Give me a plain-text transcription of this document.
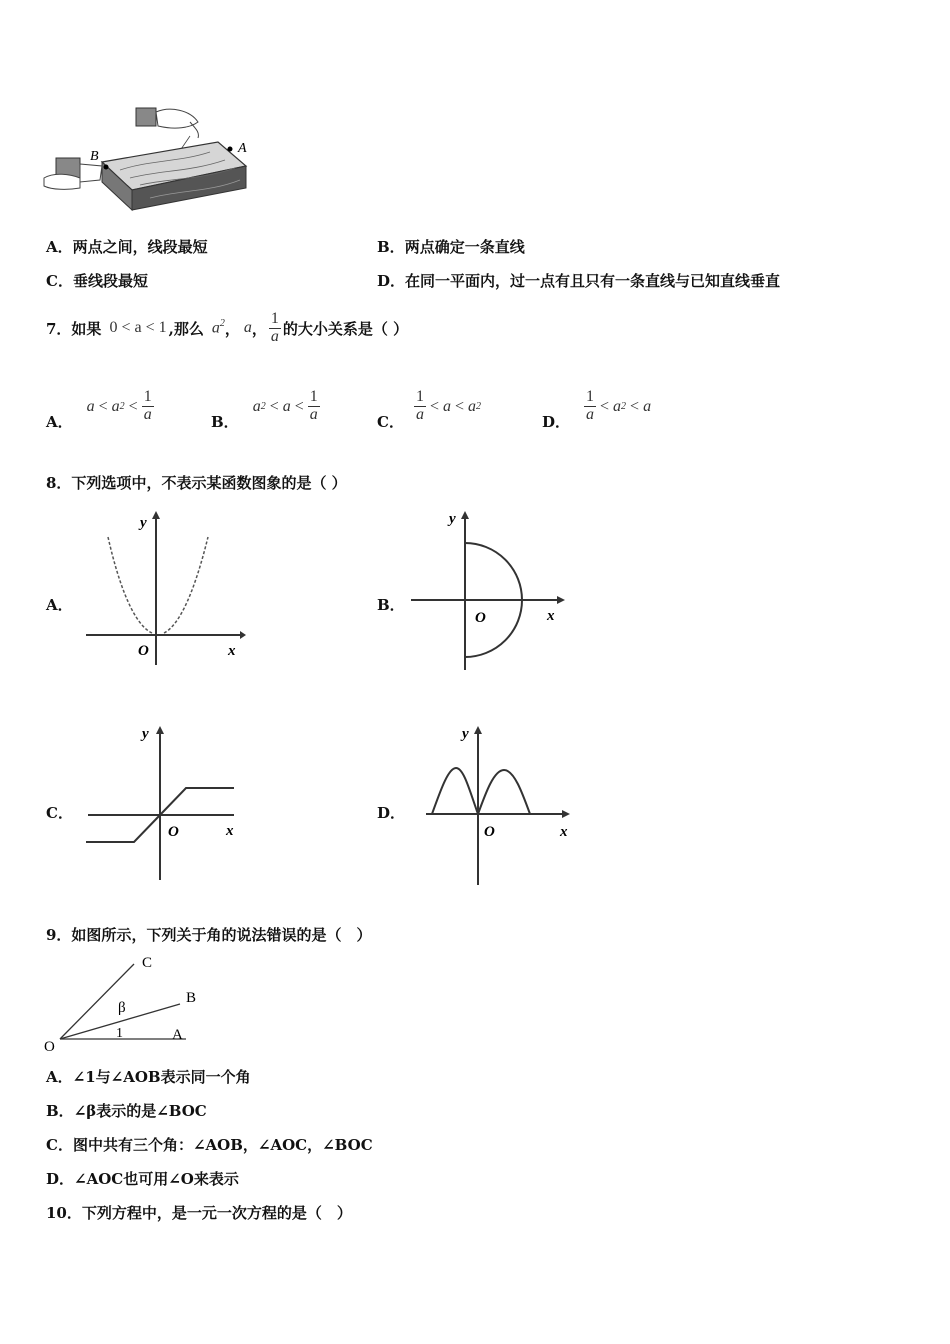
B
A
A．两点之间，线段最短	B．两点确定一条直线
C．垂线段最短	D．在同一平面内，过一点有且只有一条直线与已知直线垂直
7．如果 0 < a < 1 ,那么 $a^2$ ， a ， $\frac{1}{a}$ 的大小关系是（ ）
A．
a
<
a 2
< $\frac{1}{a}$	B．
a 2
<
a
< $\frac{1}{a}$	C． $\frac{1}{a}$ <
a
<
a 2
D． $\frac{1}{a}$ <
a 2
<
a
8．下列选项中，不表示某函数图象的是（ ）
A．
y
x
O
B．
y
x
O
C．
y
x
O
D．
y
x
O
9．如图所示，下列关于角的说法错误的是（　）
O
A
B
C
1
β
A．∠1与∠AOB表示同一个角
B．∠β表示的是∠BOC
C．图中共有三个角：∠AOB，∠AOC，∠BOC
D．∠AOC也可用∠O来表示
10．下列方程中，是一元一次方程的是（　）
